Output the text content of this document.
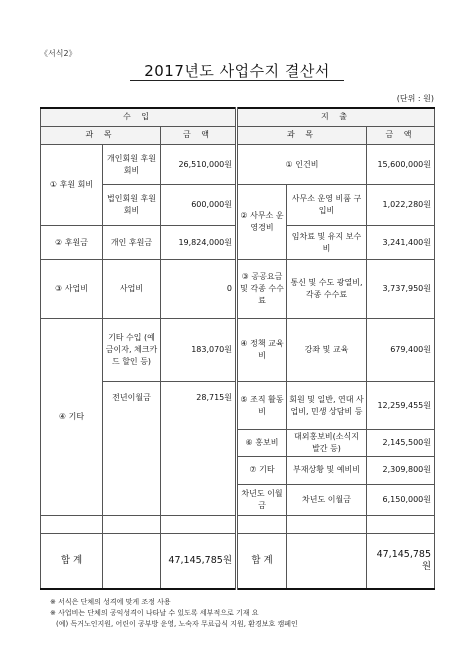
《서식2》
2017년도 사업수지 결산서
(단위 : 원)
수 입			지 출		
과 목		금 액	과 목		금 액
① 후원 회비	개인회원 후원회비	26,510,000원	① 인건비		15,600,000원
	법인회원 후원회비	600,000원	② 사무소 운영경비	사무소 운영 비품 구입비	1,022,280원
② 후원금	개인 후원금	19,824,000원		임차료 및 유지 보수비	3,241,400원
③ 사업비	사업비	0	③ 공공요금 및 각종 수수료	통신 및 수도 광열비, 각종 수수료	3,737,950원
④ 기타	기타 수입 (예금이자, 체크카드 할인 등)	183,070원	④ 정책 교육비	강좌 및 교육	679,400원
	전년이월금	28,715원	⑤ 조직 활동비	회원 및 일반, 연대 사업비, 민생 상담비 등	12,259,455원
			⑥ 홍보비	대외홍보비(소식지 발간 등)	2,145,500원
			⑦ 기타	부재상황 및 예비비	2,309,800원
			차년도 이월금	차년도 이월금	6,150,000원

합 계		47,145,785원	합 계		47,145,785원
※ 서식은 단체의 성격에 맞게 조정 사용
※ 사업비는 단체의 공익성격이 나타날 수 있도록 세부적으로 기재 요
(예) 독거노인지원, 어린이 공부방 운영, 노숙자 무료급식 지원, 환경보호 캠페인
